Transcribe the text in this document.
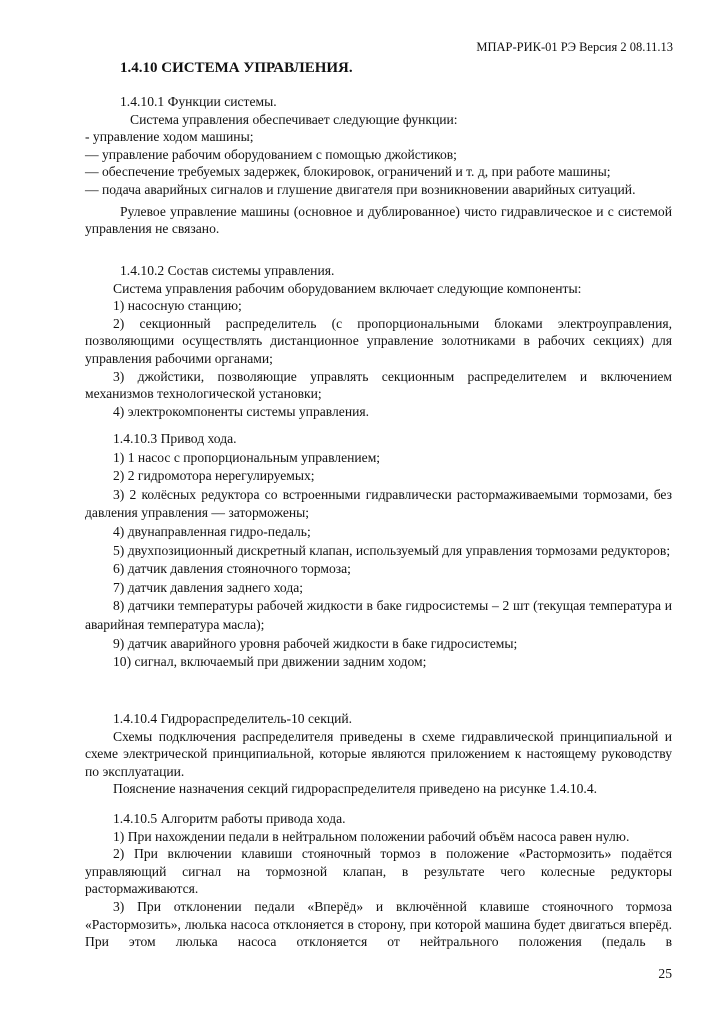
МПАР-РИК-01 РЭ Версия 2 08.11.13
1.4.10 СИСТЕМА УПРАВЛЕНИЯ.

1.4.10.1 Функции системы.

Система управления обеспечивает следующие функции:

- управление ходом машины;

— управление рабочим оборудованием с помощью джойстиков;

— обеспечение требуемых задержек, блокировок, ограничений и т. д, при работе машины;

— подача аварийных сигналов и глушение двигателя при возникновении аварийных ситуаций.

Рулевое управление машины (основное и дублированное) чисто гидравлическое и с системой управления не связано.

1.4.10.2 Состав системы управления.

Система управления рабочим оборудованием включает следующие компоненты:

1) насосную станцию;

2) секционный распределитель (с пропорциональными блоками электроуправления, позволяющими осуществлять дистанционное управление золотниками в рабочих секциях) для управления рабочими органами;

3) джойстики, позволяющие управлять секционным распределителем и включением механизмов технологической установки;

4) электрокомпоненты системы управления.

1.4.10.3 Привод хода.

1) 1 насос с пропорциональным управлением;

2) 2 гидромотора нерегулируемых;

3) 2 колёсных редуктора со встроенными гидравлически растормаживаемыми тормозами, без давления управления — заторможены;

4) двунаправленная гидро-педаль;

5) двухпозиционный дискретный клапан, используемый для управления тормозами редукторов;

6) датчик давления стояночного тормоза;

7) датчик давления заднего хода;

8) датчики температуры рабочей жидкости в баке гидросистемы – 2 шт (текущая температура и аварийная температура масла);

9) датчик аварийного уровня рабочей жидкости в баке гидросистемы;

10) сигнал, включаемый при движении задним ходом;

1.4.10.4 Гидрораспределитель-10 секций.

Схемы подключения распределителя приведены в схеме гидравлической принципиальной и схеме электрической принципиальной, которые являются приложением к настоящему руководству по эксплуатации.

Пояснение назначения секций гидрораспределителя приведено на рисунке 1.4.10.4.

1.4.10.5 Алгоритм работы привода хода.

1) При нахождении педали в нейтральном положении рабочий объём насоса равен нулю.

2) При включении клавиши стояночный тормоз в положение «Растормозить» подаётся управляющий сигнал на тормозной клапан, в результате чего колесные редукторы растормаживаются.

3) При отклонении педали «Вперёд» и включённой клавише стояночного тормоза «Растормозить», люлька насоса отклоняется в сторону, при которой машина будет двигаться вперёд. При этом люлька насоса отклоняется от нейтрального положения (педаль в

25
